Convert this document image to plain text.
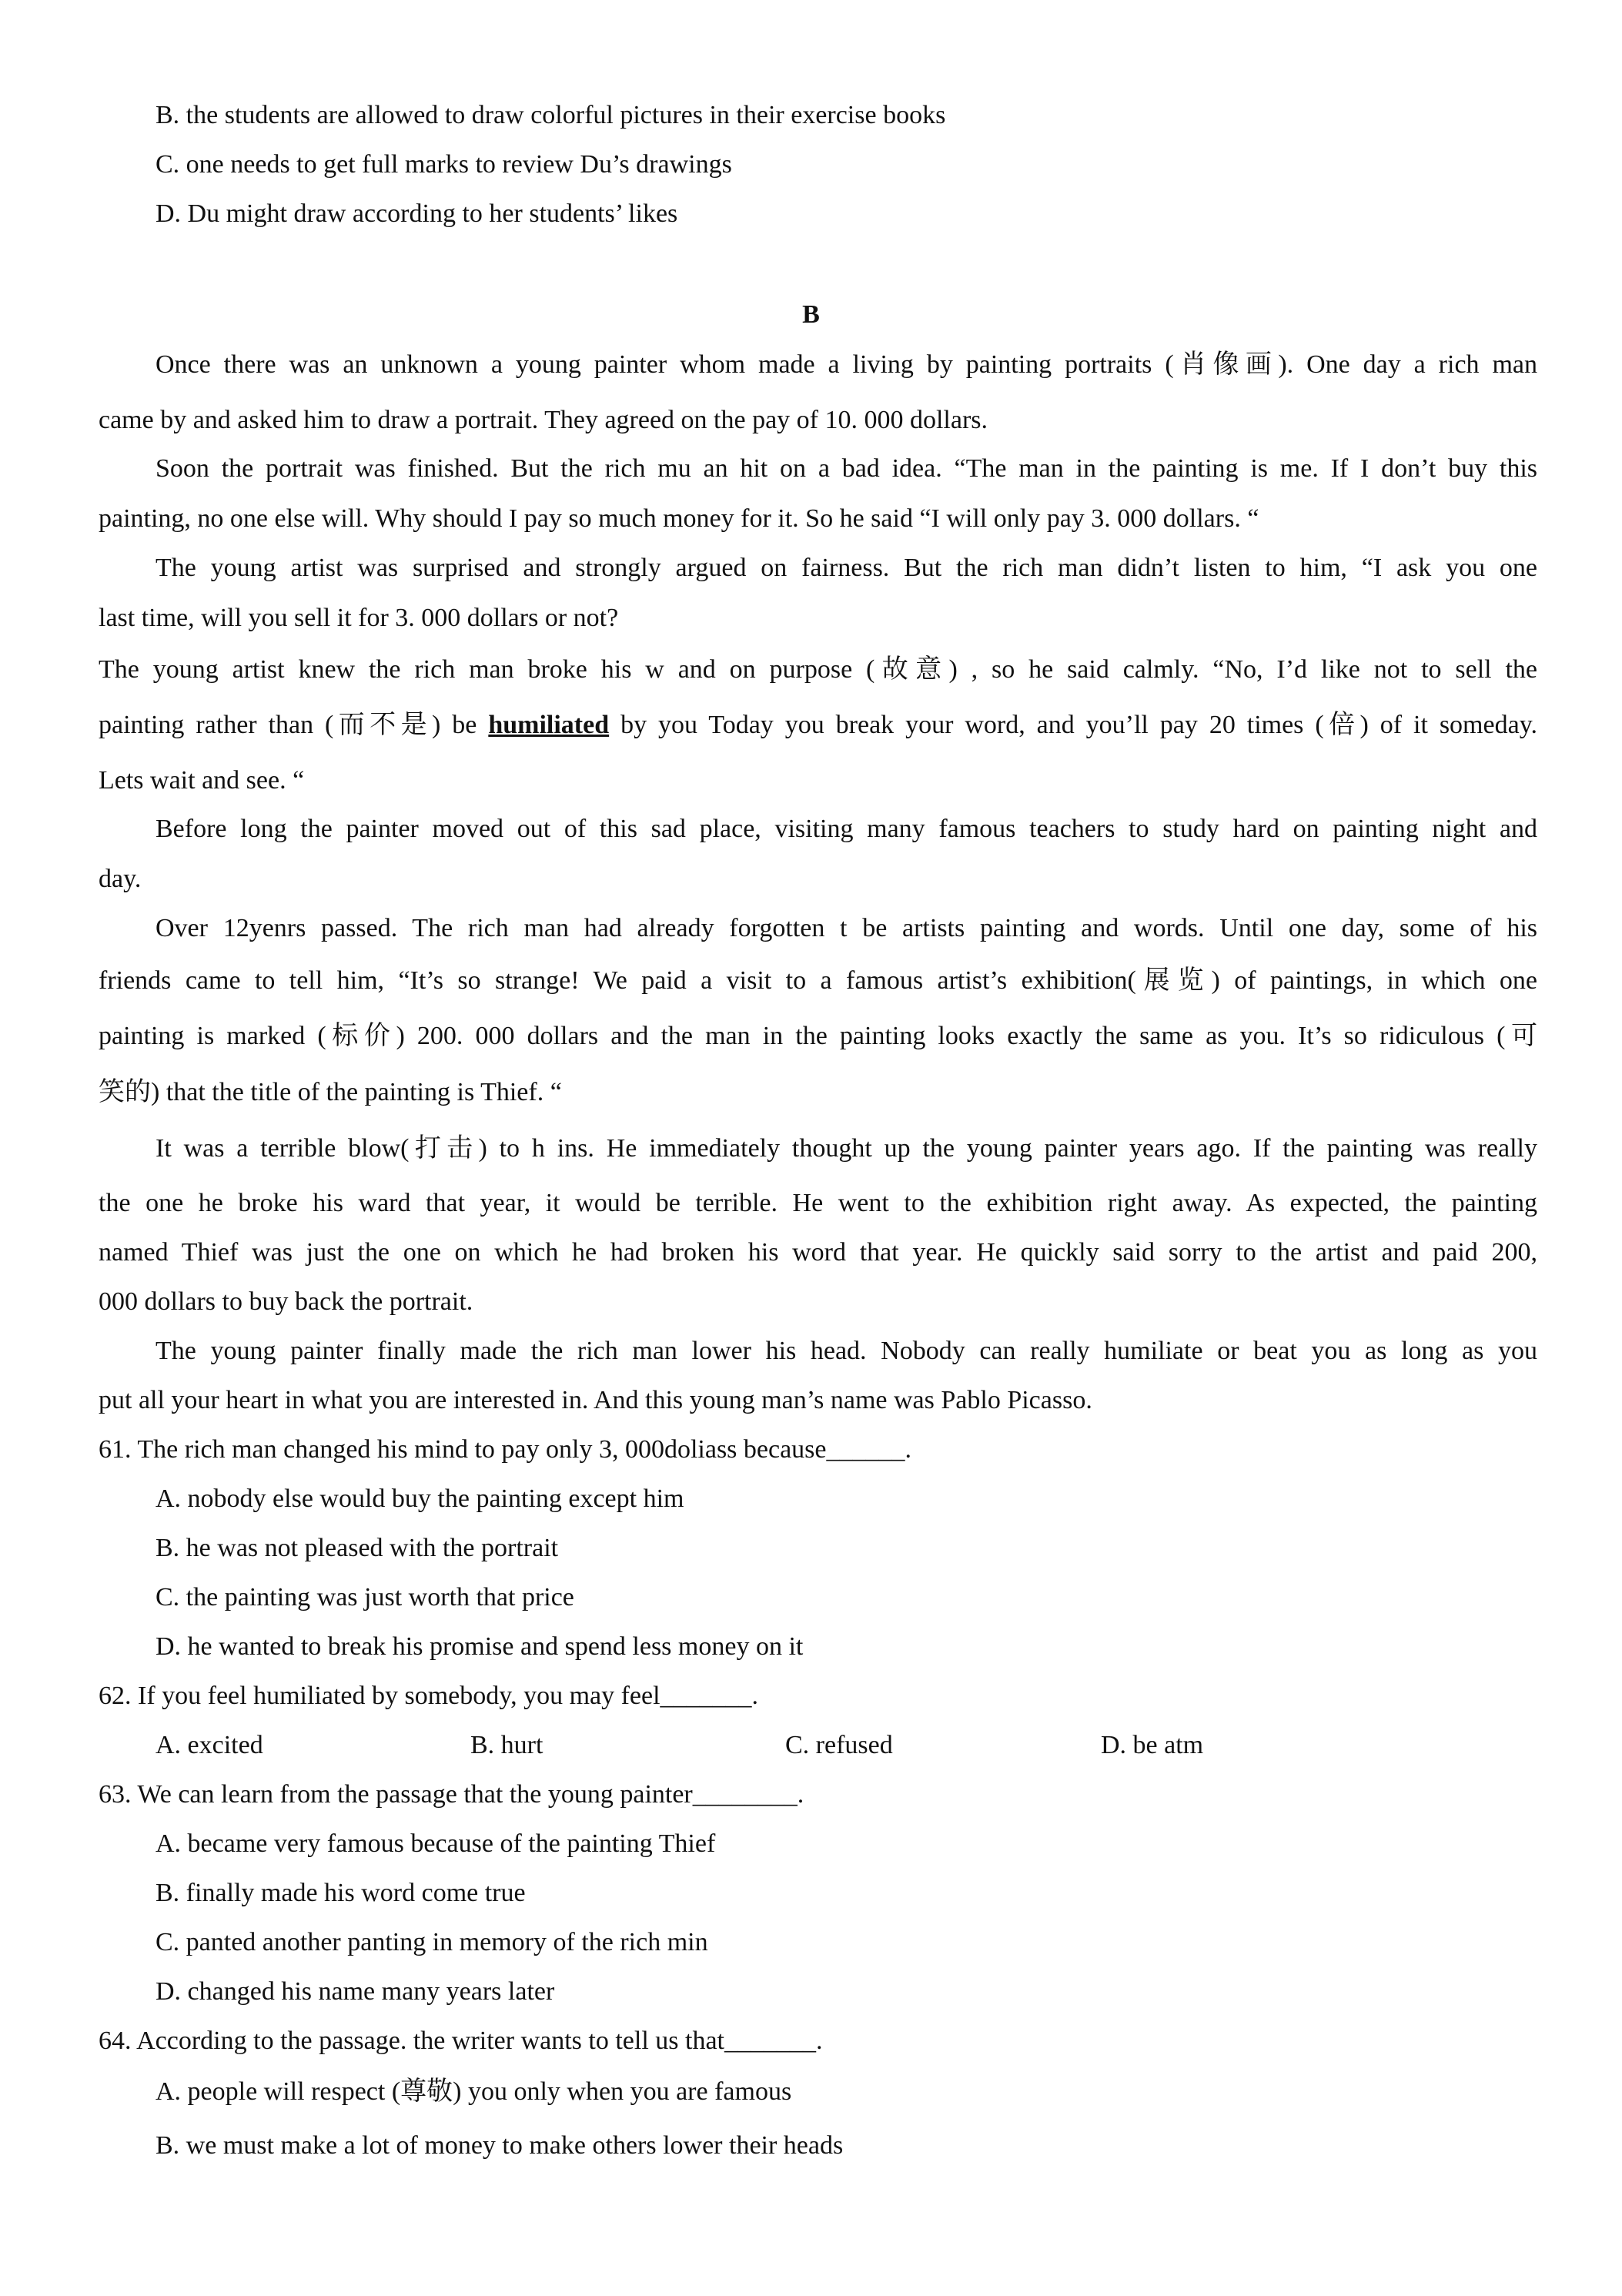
B. the students are allowed to draw colorful pictures in their exercise books
C. one needs to get full marks to review Du’s drawings
D. Du might draw according to her students’ likes
B
Once there was an unknown a young painter whom made a living by painting portraits (肖像画). One day a rich man
came by and asked him to draw a portrait. They agreed on the pay of 10. 000 dollars.
Soon the portrait was finished. But the rich mu an hit on a bad idea. “The man in the painting is me. If I don’t buy this
painting, no one else will. Why should I pay so much money for it. So he said “I will only pay 3. 000 dollars. “
The young artist was surprised and strongly argued on fairness. But the rich man didn’t listen to him, “I ask you one
last time, will you sell it for 3. 000 dollars or not?
The young artist knew the rich man broke his w and on purpose (故意) , so he said calmly. “No, I’d like not to sell the
painting rather than (而不是) be humiliated by you Today you break your word, and you’ll pay 20 times (倍) of it someday.
Lets wait and see. “
Before long the painter moved out of this sad place, visiting many famous teachers to study hard on painting night and
day.
Over 12yenrs passed. The rich man had already forgotten t be artists painting and words. Until one day, some of his
friends came to tell him, “It’s so strange! We paid a visit to a famous artist’s exhibition(展览) of paintings, in which one
painting is marked (标价) 200. 000 dollars and the man in the painting looks exactly the same as you. It’s so ridiculous (可
笑的) that the title of the painting is Thief. “
It was a terrible blow(打击) to h ins. He immediately thought up the young painter years ago. If the painting was really
the one he broke his ward that year, it would be terrible. He went to the exhibition right away. As expected, the painting
named Thief was just the one on which he had broken his word that year. He quickly said sorry to the artist and paid 200,
000 dollars to buy back the portrait.
The young painter finally made the rich man lower his head. Nobody can really humiliate or beat you as long as you
put all your heart in what you are interested in. And this young man’s name was Pablo Picasso.
61. The rich man changed his mind to pay only 3, 000doliass because______.
A. nobody else would buy the painting except him
B. he was not pleased with the portrait
C. the painting was just worth that price
D. he wanted to break his promise and spend less money on it
62. If you feel humiliated by somebody, you may feel_______.
A. excited	B. hurt	C. refused	D. be atm
63. We can learn from the passage that the young painter________.
A. became very famous because of the painting Thief
B. finally made his word come true
C. panted another panting in memory of the rich min
D. changed his name many years later
64. According to the passage. the writer wants to tell us that_______.
A. people will respect (尊敬) you only when you are famous
B. we must make a lot of money to make others lower their heads
